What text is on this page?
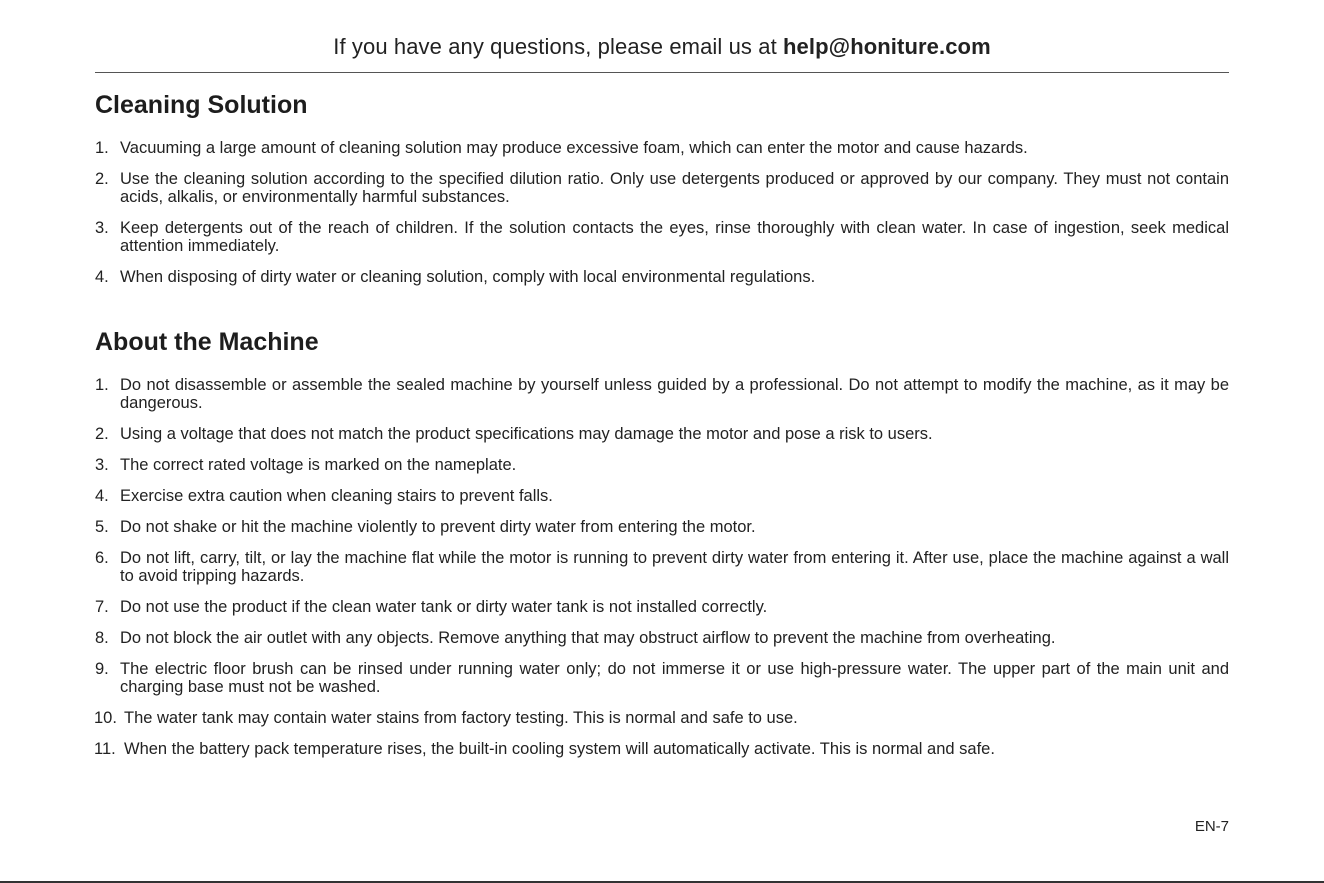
If you have any questions, please email us at help@honiture.com
Cleaning Solution
1. Vacuuming a large amount of cleaning solution may produce excessive foam, which can enter the motor and cause hazards.
2. Use the cleaning solution according to the specified dilution ratio. Only use detergents produced or approved by our company. They must not contain acids, alkalis, or environmentally harmful substances.
3. Keep detergents out of the reach of children. If the solution contacts the eyes, rinse thoroughly with clean water. In case of ingestion, seek medical attention immediately.
4. When disposing of dirty water or cleaning solution, comply with local environmental regulations.
About the Machine
1. Do not disassemble or assemble the sealed machine by yourself unless guided by a professional. Do not attempt to modify the machine, as it may be dangerous.
2. Using a voltage that does not match the product specifications may damage the motor and pose a risk to users.
3. The correct rated voltage is marked on the nameplate.
4. Exercise extra caution when cleaning stairs to prevent falls.
5. Do not shake or hit the machine violently to prevent dirty water from entering the motor.
6. Do not lift, carry, tilt, or lay the machine flat while the motor is running to prevent dirty water from entering it. After use, place the machine against a wall to avoid tripping hazards.
7. Do not use the product if the clean water tank or dirty water tank is not installed correctly.
8. Do not block the air outlet with any objects. Remove anything that may obstruct airflow to prevent the machine from overheating.
9. The electric floor brush can be rinsed under running water only; do not immerse it or use high-pressure water. The upper part of the main unit and charging base must not be washed.
10. The water tank may contain water stains from factory testing. This is normal and safe to use.
11. When the battery pack temperature rises, the built-in cooling system will automatically activate. This is normal and safe.
EN-7
